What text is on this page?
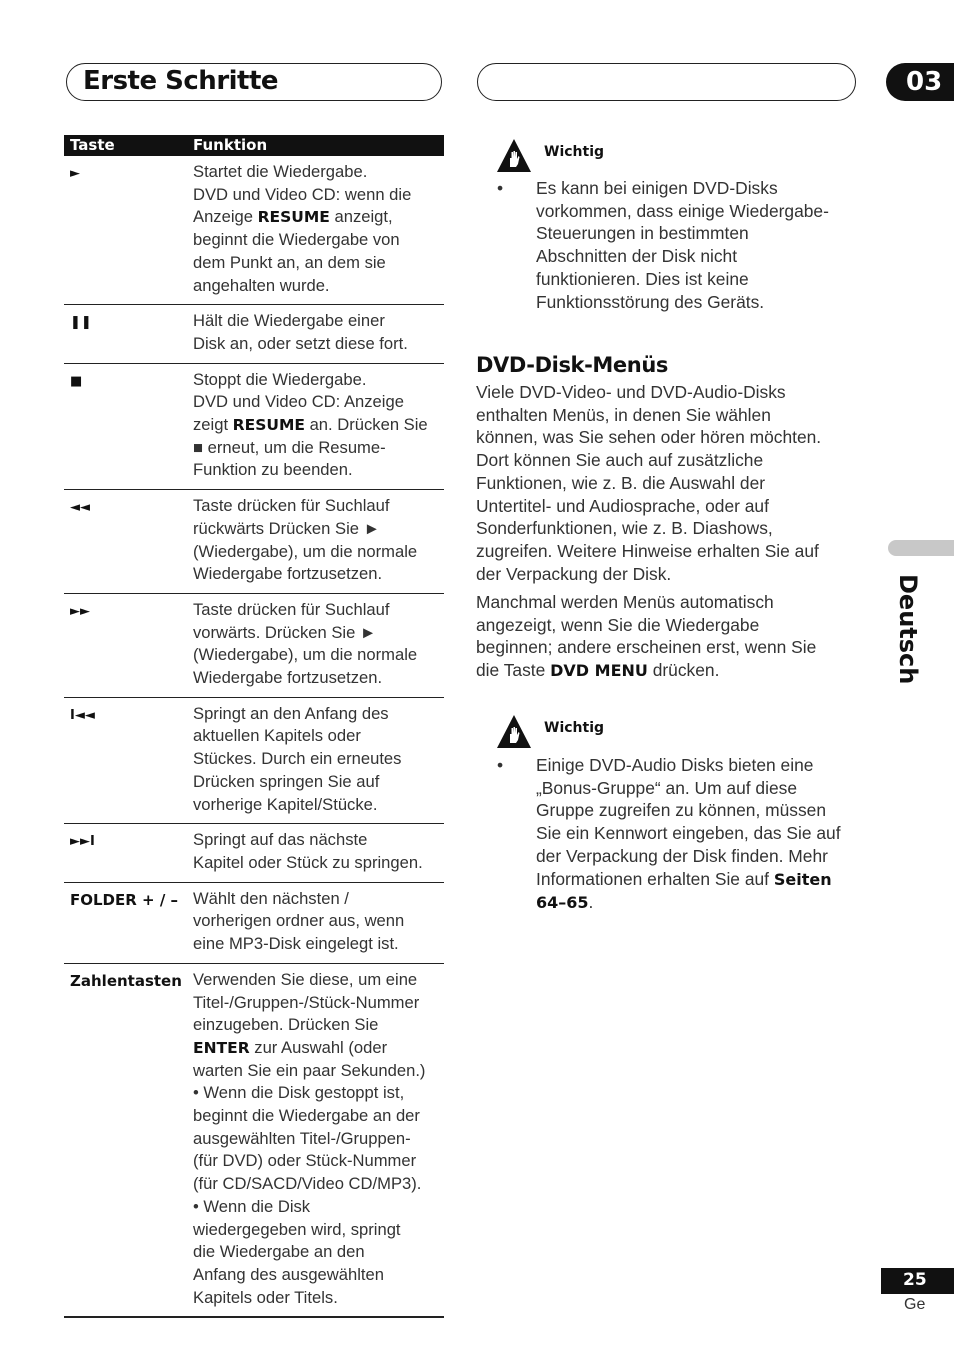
Erste Schritte	03
Taste	Funktion
►	Startet die Wiedergabe.
DVD und Video CD: wenn die
Anzeige RESUME anzeigt,
beginnt die Wiedergabe von
dem Punkt an, an dem sie
angehalten wurde.
❚❚	Hält die Wiedergabe einer
Disk an, oder setzt diese fort.
■	Stoppt die Wiedergabe.
DVD und Video CD: Anzeige
zeigt RESUME an. Drücken Sie
■ erneut, um die Resume-
Funktion zu beenden.
◄◄	Taste drücken für Suchlauf
rückwärts Drücken Sie ►
(Wiedergabe), um die normale
Wiedergabe fortzusetzen.
►►	Taste drücken für Suchlauf
vorwärts. Drücken Sie ►
(Wiedergabe), um die normale
Wiedergabe fortzusetzen.
I◄◄	Springt an den Anfang des
aktuellen Kapitels oder
Stückes. Durch ein erneutes
Drücken springen Sie auf
vorherige Kapitel/Stücke.
►►I	Springt auf das nächste
Kapitel oder Stück zu springen.
FOLDER + / – Wählt den nächsten /
vorherigen ordner aus, wenn
eine MP3-Disk eingelegt ist.
Zahlentasten Verwenden Sie diese, um eine
Titel-/Gruppen-/Stück-Nummer
einzugeben. Drücken Sie
ENTER zur Auswahl (oder
warten Sie ein paar Sekunden.)
• Wenn die Disk gestoppt ist,
beginnt die Wiedergabe an der
ausgewählten Titel-/Gruppen-
(für DVD) oder Stück-Nummer
(für CD/SACD/Video CD/MP3).
• Wenn die Disk
wiedergegeben wird, springt
die Wiedergabe an den
Anfang des ausgewählten
Kapitels oder Titels.
Wichtig
• Es kann bei einigen DVD-Disks
vorkommen, dass einige Wiedergabe-
Steuerungen in bestimmten
Abschnitten der Disk nicht
funktionieren. Dies ist keine
Funktionsstörung des Geräts.
DVD-Disk-Menüs
Viele DVD-Video- und DVD-Audio-Disks
enthalten Menüs, in denen Sie wählen
können, was Sie sehen oder hören möchten.
Dort können Sie auch auf zusätzliche
Funktionen, wie z. B. die Auswahl der
Untertitel- und Audiosprache, oder auf
Sonderfunktionen, wie z. B. Diashows,
zugreifen. Weitere Hinweise erhalten Sie auf
der Verpackung der Disk.
Manchmal werden Menüs automatisch
angezeigt, wenn Sie die Wiedergabe
beginnen; andere erscheinen erst, wenn Sie
die Taste DVD MENU drücken.
Wichtig
• Einige DVD-Audio Disks bieten eine
„Bonus-Gruppe“ an. Um auf diese
Gruppe zugreifen zu können, müssen
Sie ein Kennwort eingeben, das Sie auf
der Verpackung der Disk finden. Mehr
Informationen erhalten Sie auf Seiten
64–65.
Deutsch
25
Ge
